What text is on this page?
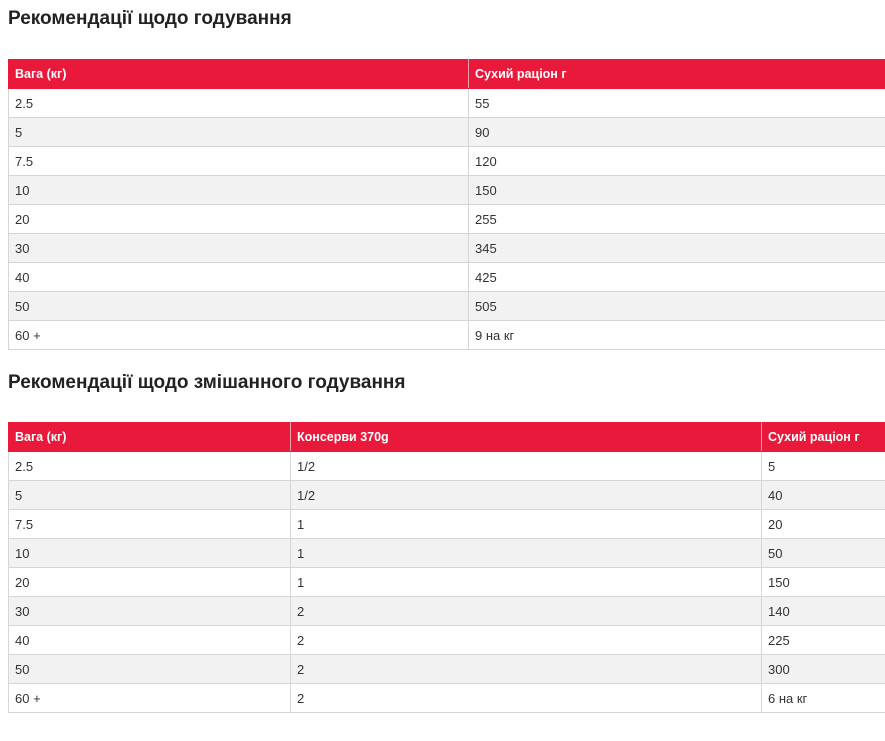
Рекомендації щодо годування
Вага (кг)	Сухий раціон г
2.5	55
5	90
7.5	120
10	150
20	255
30	345
40	425
50	505
60 +	9 на кг
Рекомендації щодо змішанного годування
Вага (кг)	Консерви 370g	Сухий раціон г
2.5	1/2	5
5	1/2	40
7.5	1	20
10	1	50
20	1	150
30	2	140
40	2	225
50	2	300
60 +	2	6 на кг
